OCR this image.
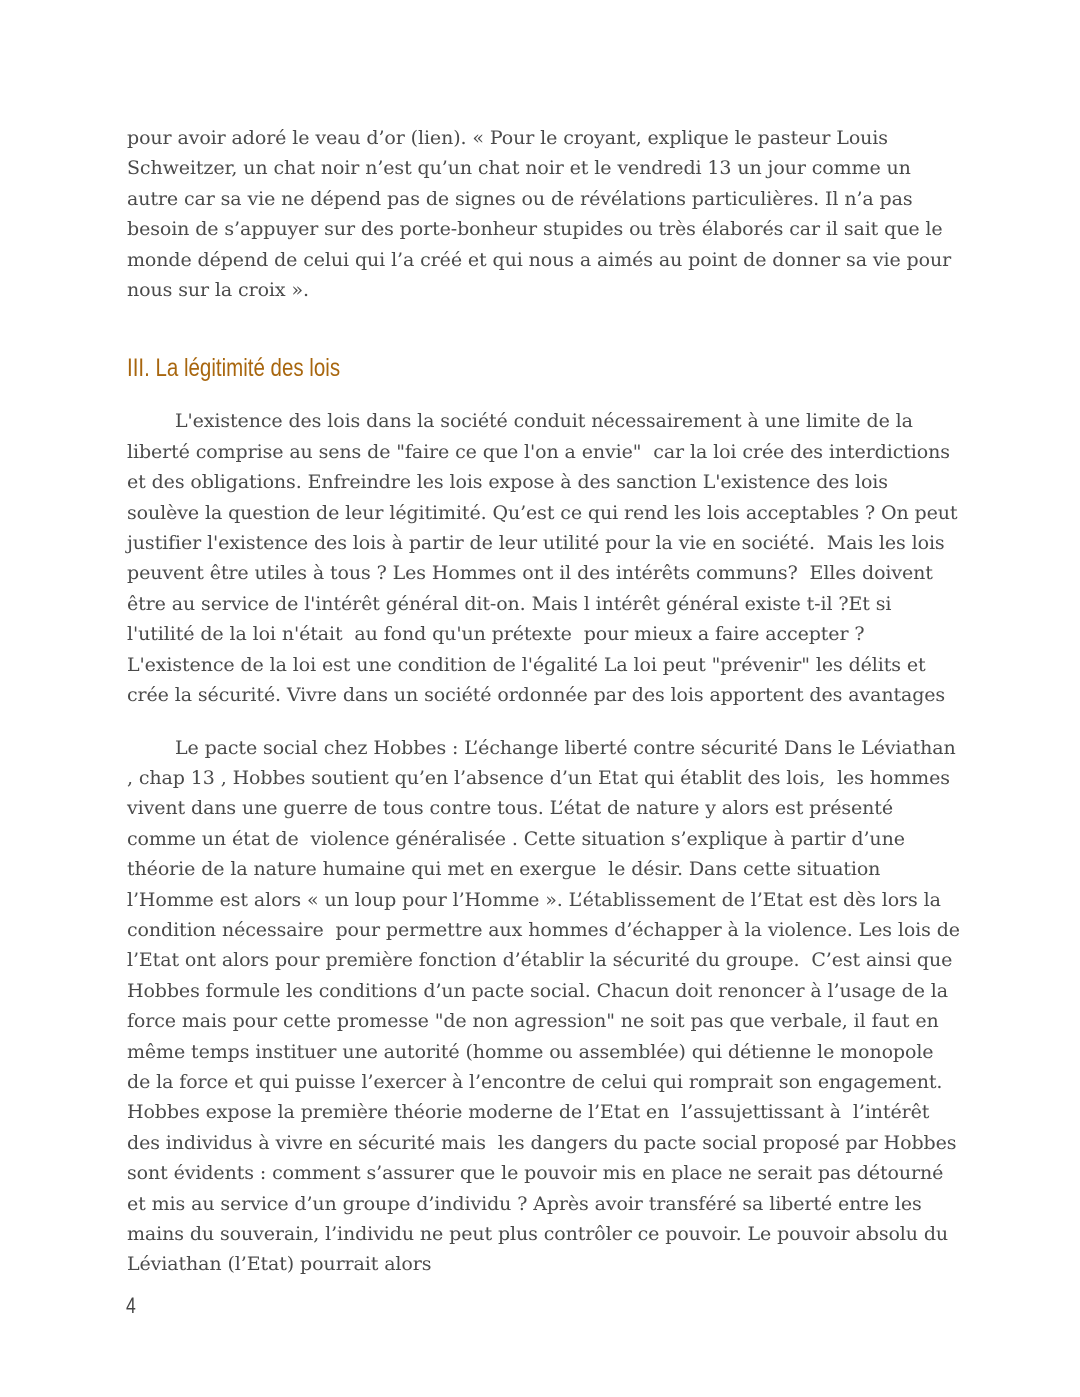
pour avoir adoré le veau d’or (lien). « Pour le croyant, explique le pasteur Louis Schweitzer, un chat noir n’est qu’un chat noir et le vendredi 13 un jour comme un autre car sa vie ne dépend pas de signes ou de révélations particulières. Il n’a pas besoin de s’appuyer sur des porte-bonheur stupides ou très élaborés car il sait que le monde dépend de celui qui l’a créé et qui nous a aimés au point de donner sa vie pour nous sur la croix ».

III. La légitimité des lois

L'existence des lois dans la société conduit nécessairement à une limite de la liberté comprise au sens de "faire ce que l'on a envie"  car la loi crée des interdictions et des obligations. Enfreindre les lois expose à des sanction L'existence des lois soulève la question de leur légitimité. Qu’est ce qui rend les lois acceptables ? On peut justifier l'existence des lois à partir de leur utilité pour la vie en société.  Mais les lois peuvent être utiles à tous ? Les Hommes ont il des intérêts communs?  Elles doivent être au service de l'intérêt général dit-on. Mais l intérêt général existe t-il ?Et si l'utilité de la loi n'était  au fond qu'un prétexte  pour mieux a faire accepter ? L'existence de la loi est une condition de l'égalité La loi peut "prévenir" les délits et crée la sécurité. Vivre dans un société ordonnée par des lois apportent des avantages

Le pacte social chez Hobbes : L’échange liberté contre sécurité Dans le Léviathan , chap 13 , Hobbes soutient qu’en l’absence d’un Etat qui établit des lois,  les hommes vivent dans une guerre de tous contre tous. L’état de nature y alors est présenté comme un état de  violence généralisée . Cette situation s’explique à partir d’une  théorie de la nature humaine qui met en exergue  le désir. Dans cette situation l’Homme est alors « un loup pour l’Homme ». L’établissement de l’Etat est dès lors la condition nécessaire  pour permettre aux hommes d’échapper à la violence. Les lois de l’Etat ont alors pour première fonction d’établir la sécurité du groupe.  C’est ainsi que Hobbes formule les conditions d’un pacte social. Chacun doit renoncer à l’usage de la force mais pour cette promesse "de non agression" ne soit pas que verbale, il faut en même temps instituer une autorité (homme ou assemblée) qui détienne le monopole de la force et qui puisse l’exercer à l’encontre de celui qui romprait son engagement. Hobbes expose la première théorie moderne de l’Etat en  l’assujettissant à  l’intérêt des individus à vivre en sécurité mais  les dangers du pacte social proposé par Hobbes sont évidents : comment s’assurer que le pouvoir mis en place ne serait pas détourné et mis au service d’un groupe d’individu ? Après avoir transféré sa liberté entre les mains du souverain, l’individu ne peut plus contrôler ce pouvoir. Le pouvoir absolu du Léviathan (l’Etat) pourrait alors

4
